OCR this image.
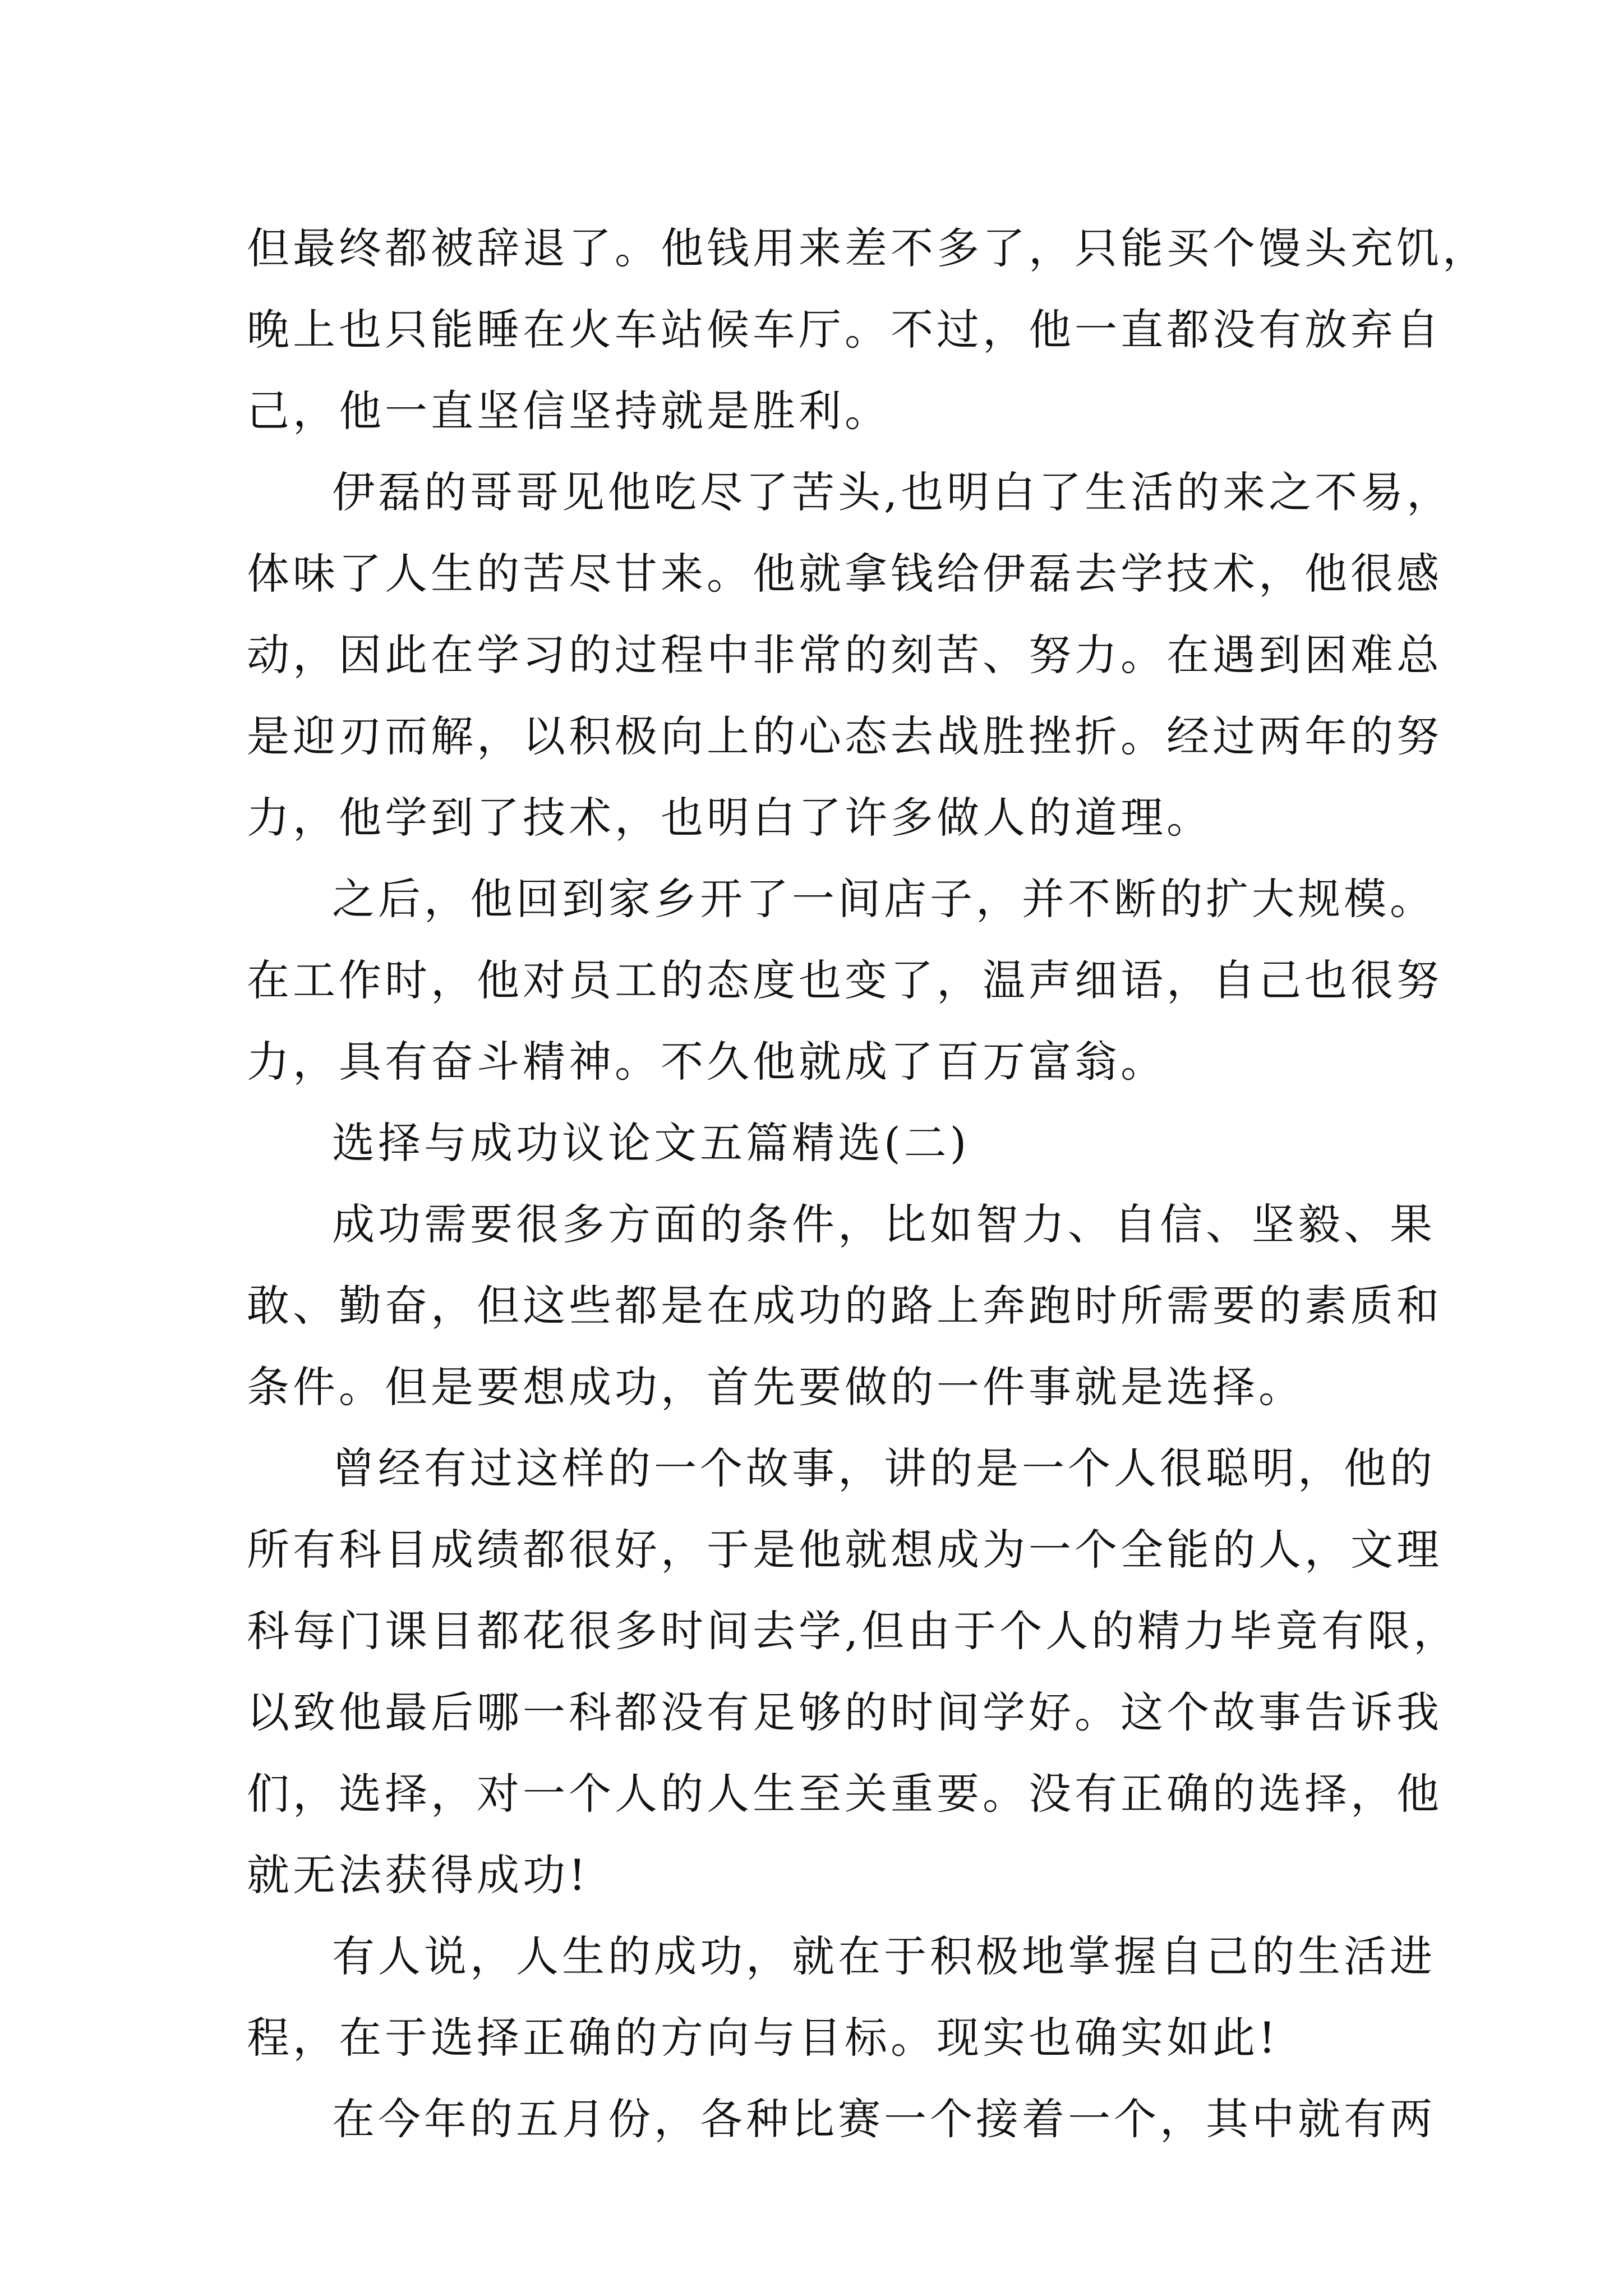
但最终都被辞退了。他钱用来差不多了，只能买个馒头充饥，
晚上也只能睡在火车站候车厅。不过，他一直都没有放弃自
己，他一直坚信坚持就是胜利。
伊磊的哥哥见他吃尽了苦头,也明白了生活的来之不易，
体味了人生的苦尽甘来。他就拿钱给伊磊去学技术，他很感
动，因此在学习的过程中非常的刻苦、努力。在遇到困难总
是迎刃而解，以积极向上的心态去战胜挫折。经过两年的努
力，他学到了技术，也明白了许多做人的道理。
之后，他回到家乡开了一间店子，并不断的扩大规模。
在工作时，他对员工的态度也变了，温声细语，自己也很努
力，具有奋斗精神。不久他就成了百万富翁。
选择与成功议论文五篇精选(二)
成功需要很多方面的条件，比如智力、自信、坚毅、果
敢、勤奋，但这些都是在成功的路上奔跑时所需要的素质和
条件。但是要想成功，首先要做的一件事就是选择。
曾经有过这样的一个故事，讲的是一个人很聪明，他的
所有科目成绩都很好，于是他就想成为一个全能的人，文理
科每门课目都花很多时间去学,但由于个人的精力毕竟有限，
以致他最后哪一科都没有足够的时间学好。这个故事告诉我
们，选择，对一个人的人生至关重要。没有正确的选择，他
就无法获得成功!
有人说，人生的成功，就在于积极地掌握自己的生活进
程，在于选择正确的方向与目标。现实也确实如此!
在今年的五月份，各种比赛一个接着一个，其中就有两
